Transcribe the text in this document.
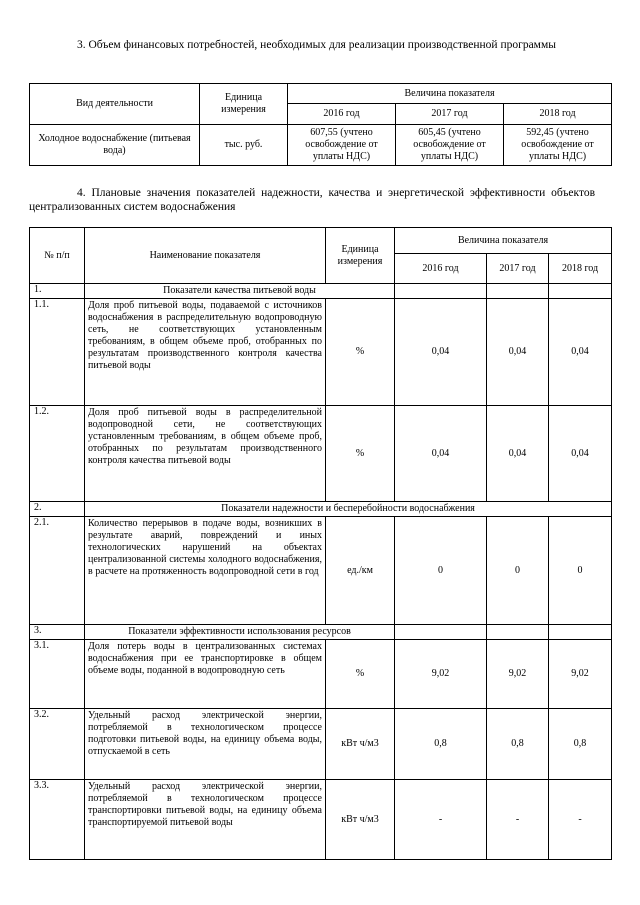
3. Объем финансовых потребностей, необходимых для реализации производственной программы
Вид деятельности	Единица измерения	Величина показателя		
		2016 год	2017 год	2018 год
Холодное водоснабжение (питьевая вода)	тыс. руб.	607,55 (учтено освобождение от уплаты НДС)	605,45 (учтено освобождение от уплаты НДС)	592,45 (учтено освобождение от уплаты НДС)
4. Плановые значения показателей надежности, качества и энергетической эффективности объектов централизованных систем водоснабжения
№ п/п	Наименование показателя	Единица измерения	Величина показателя		
			2016 год	2017 год	2018 год
1.	Показатели качества питьевой воды				
1.1.	Доля проб питьевой воды, подаваемой с источников водоснабжения в распределительную водопроводную сеть, не соответствующих установленным требованиям, в общем объеме проб, отобранных по результатам производственного контроля качества питьевой воды	%	0,04	0,04	0,04
1.2.	Доля проб питьевой воды в распределительной водопроводной сети, не соответствующих установленным требованиям, в общем объеме проб, отобранных по результатам производственного контроля качества питьевой воды	%	0,04	0,04	0,04
2.	Показатели надежности и бесперебойности водоснабжения				
2.1.	Количество перерывов в подаче воды, возникших в результате аварий, повреждений и иных технологических нарушений на объектах централизованной системы холодного водоснабжения, в расчете на протяженность водопроводной сети в год	ед./км	0	0	0
3.	Показатели эффективности использования ресурсов				
3.1.	Доля потерь воды в централизованных системах водоснабжения при ее транспортировке в общем объеме воды, поданной в водопроводную сеть	%	9,02	9,02	9,02
3.2.	Удельный расход электрической энергии, потребляемой в технологическом процессе подготовки питьевой воды, на единицу объема воды, отпускаемой в сеть	кВт ч/м3	0,8	0,8	0,8
3.3.	Удельный расход электрической энергии, потребляемой в технологическом процессе транспортировки питьевой воды, на единицу объема транспортируемой питьевой воды	кВт ч/м3	-	-	-
